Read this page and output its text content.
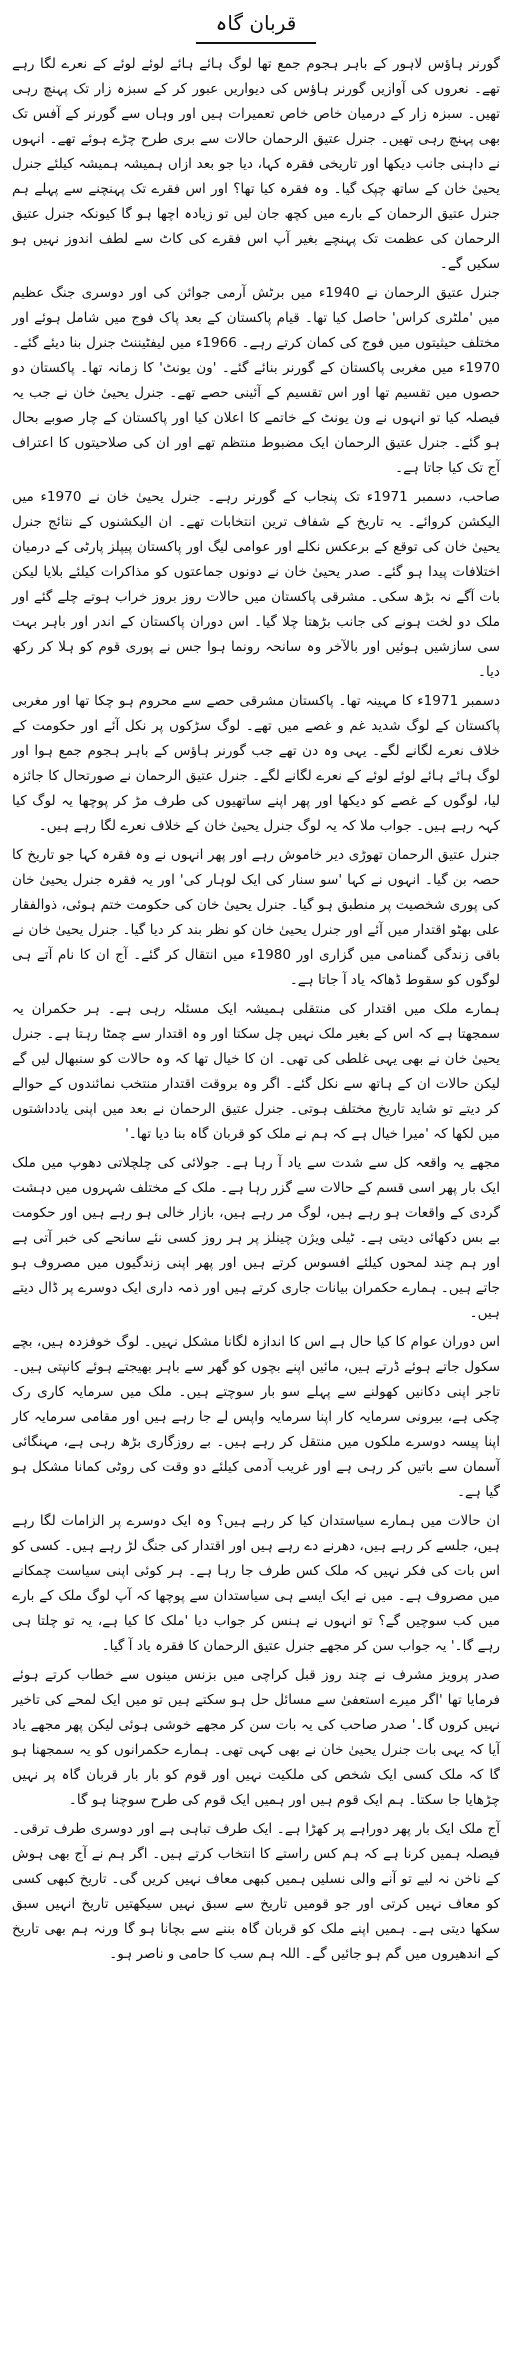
قربان گاہ

گورنر ہاؤس لاہور کے باہر ہجوم جمع تھا لوگ ہائے ہائے لوئے لوئے کے نعرے لگا رہے تھے۔ نعروں کی آوازیں گورنر ہاؤس کی دیواریں عبور کر کے سبزہ زار تک پہنچ رہی تھیں۔ سبزہ زار کے درمیان خاص خاص تعمیرات ہیں اور وہاں سے گورنر کے آفس تک بھی پہنچ رہی تھیں۔ جنرل عتیق الرحمان حالات سے بری طرح چڑے ہوئے تھے۔ انہوں نے داہنی جانب دیکھا اور تاریخی فقرہ کہا، دیا جو بعد ازاں ہمیشہ ہمیشہ کیلئے جنرل یحییٰ خان کے ساتھ چپک گیا۔ وہ فقرہ کیا تھا؟ اور اس فقرے تک پہنچنے سے پہلے ہم جنرل عتیق الرحمان کے بارے میں کچھ جان لیں تو زیادہ اچھا ہو گا کیونکہ جنرل عتیق الرحمان کی عظمت تک پہنچے بغیر آپ اس فقرے کی کاٹ سے لطف اندوز نہیں ہو سکیں گے۔

جنرل عتیق الرحمان نے 1940ء میں برٹش آرمی جوائن کی اور دوسری جنگ عظیم میں 'ملٹری کراس' حاصل کیا تھا۔ قیام پاکستان کے بعد پاک فوج میں شامل ہوئے اور مختلف حیثیتوں میں فوج کی کمان کرتے رہے۔ 1966ء میں لیفٹیننٹ جنرل بنا دیئے گئے۔ 1970ء میں مغربی پاکستان کے گورنر بنائے گئے۔ 'ون یونٹ' کا زمانہ تھا۔ پاکستان دو حصوں میں تقسیم تھا اور اس تقسیم کے آئینی حصے تھے۔ جنرل یحییٰ خان نے جب یہ فیصلہ کیا تو انہوں نے ون یونٹ کے خاتمے کا اعلان کیا اور پاکستان کے چار صوبے بحال ہو گئے۔ جنرل عتیق الرحمان ایک مضبوط منتظم تھے اور ان کی صلاحیتوں کا اعتراف آج تک کیا جاتا ہے۔

صاحب، دسمبر 1971ء تک پنجاب کے گورنر رہے۔ جنرل یحییٰ خان نے 1970ء میں الیکشن کروائے۔ یہ تاریخ کے شفاف ترین انتخابات تھے۔ ان الیکشنوں کے نتائج جنرل یحییٰ خان کی توقع کے برعکس نکلے اور عوامی لیگ اور پاکستان پیپلز پارٹی کے درمیان اختلافات پیدا ہو گئے۔ صدر یحییٰ خان نے دونوں جماعتوں کو مذاکرات کیلئے بلایا لیکن بات آگے نہ بڑھ سکی۔ مشرقی پاکستان میں حالات روز بروز خراب ہوتے چلے گئے اور ملک دو لخت ہونے کی جانب بڑھتا چلا گیا۔ اس دوران پاکستان کے اندر اور باہر بہت سی سازشیں ہوئیں اور بالآخر وہ سانحہ رونما ہوا جس نے پوری قوم کو ہلا کر رکھ دیا۔

دسمبر 1971ء کا مہینہ تھا۔ پاکستان مشرقی حصے سے محروم ہو چکا تھا اور مغربی پاکستان کے لوگ شدید غم و غصے میں تھے۔ لوگ سڑکوں پر نکل آئے اور حکومت کے خلاف نعرے لگانے لگے۔ یہی وہ دن تھے جب گورنر ہاؤس کے باہر ہجوم جمع ہوا اور لوگ ہائے ہائے لوئے لوئے کے نعرے لگانے لگے۔ جنرل عتیق الرحمان نے صورتحال کا جائزہ لیا، لوگوں کے غصے کو دیکھا اور پھر اپنے ساتھیوں کی طرف مڑ کر پوچھا یہ لوگ کیا کہہ رہے ہیں۔ جواب ملا کہ یہ لوگ جنرل یحییٰ خان کے خلاف نعرے لگا رہے ہیں۔

جنرل عتیق الرحمان تھوڑی دیر خاموش رہے اور پھر انہوں نے وہ فقرہ کہا جو تاریخ کا حصہ بن گیا۔ انہوں نے کہا 'سو سنار کی ایک لوہار کی' اور یہ فقرہ جنرل یحییٰ خان کی پوری شخصیت پر منطبق ہو گیا۔ جنرل یحییٰ خان کی حکومت ختم ہوئی، ذوالفقار علی بھٹو اقتدار میں آئے اور جنرل یحییٰ خان کو نظر بند کر دیا گیا۔ جنرل یحییٰ خان نے باقی زندگی گمنامی میں گزاری اور 1980ء میں انتقال کر گئے۔ آج ان کا نام آتے ہی لوگوں کو سقوط ڈھاکہ یاد آ جاتا ہے۔

ہمارے ملک میں اقتدار کی منتقلی ہمیشہ ایک مسئلہ رہی ہے۔ ہر حکمران یہ سمجھتا ہے کہ اس کے بغیر ملک نہیں چل سکتا اور وہ اقتدار سے چمٹا رہتا ہے۔ جنرل یحییٰ خان نے بھی یہی غلطی کی تھی۔ ان کا خیال تھا کہ وہ حالات کو سنبھال لیں گے لیکن حالات ان کے ہاتھ سے نکل گئے۔ اگر وہ بروقت اقتدار منتخب نمائندوں کے حوالے کر دیتے تو شاید تاریخ مختلف ہوتی۔ جنرل عتیق الرحمان نے بعد میں اپنی یادداشتوں میں لکھا کہ 'میرا خیال ہے کہ ہم نے ملک کو قربان گاہ بنا دیا تھا۔'

مجھے یہ واقعہ کل سے شدت سے یاد آ رہا ہے۔ جولائی کی چلچلاتی دھوپ میں ملک ایک بار پھر اسی قسم کے حالات سے گزر رہا ہے۔ ملک کے مختلف شہروں میں دہشت گردی کے واقعات ہو رہے ہیں، لوگ مر رہے ہیں، بازار خالی ہو رہے ہیں اور حکومت بے بس دکھائی دیتی ہے۔ ٹیلی ویژن چینلز پر ہر روز کسی نئے سانحے کی خبر آتی ہے اور ہم چند لمحوں کیلئے افسوس کرتے ہیں اور پھر اپنی زندگیوں میں مصروف ہو جاتے ہیں۔ ہمارے حکمران بیانات جاری کرتے ہیں اور ذمہ داری ایک دوسرے پر ڈال دیتے ہیں۔

اس دوران عوام کا کیا حال ہے اس کا اندازہ لگانا مشکل نہیں۔ لوگ خوفزدہ ہیں، بچے سکول جاتے ہوئے ڈرتے ہیں، مائیں اپنے بچوں کو گھر سے باہر بھیجتے ہوئے کانپتی ہیں۔ تاجر اپنی دکانیں کھولنے سے پہلے سو بار سوچتے ہیں۔ ملک میں سرمایہ کاری رک چکی ہے، بیرونی سرمایہ کار اپنا سرمایہ واپس لے جا رہے ہیں اور مقامی سرمایہ کار اپنا پیسہ دوسرے ملکوں میں منتقل کر رہے ہیں۔ بے روزگاری بڑھ رہی ہے، مہنگائی آسمان سے باتیں کر رہی ہے اور غریب آدمی کیلئے دو وقت کی روٹی کمانا مشکل ہو گیا ہے۔

ان حالات میں ہمارے سیاستدان کیا کر رہے ہیں؟ وہ ایک دوسرے پر الزامات لگا رہے ہیں، جلسے کر رہے ہیں، دھرنے دے رہے ہیں اور اقتدار کی جنگ لڑ رہے ہیں۔ کسی کو اس بات کی فکر نہیں کہ ملک کس طرف جا رہا ہے۔ ہر کوئی اپنی سیاست چمکانے میں مصروف ہے۔ میں نے ایک ایسے ہی سیاستدان سے پوچھا کہ آپ لوگ ملک کے بارے میں کب سوچیں گے؟ تو انہوں نے ہنس کر جواب دیا 'ملک کا کیا ہے، یہ تو چلتا ہی رہے گا۔' یہ جواب سن کر مجھے جنرل عتیق الرحمان کا فقرہ یاد آ گیا۔

صدر پرویز مشرف نے چند روز قبل کراچی میں بزنس مینوں سے خطاب کرتے ہوئے فرمایا تھا 'اگر میرے استعفیٰ سے مسائل حل ہو سکتے ہیں تو میں ایک لمحے کی تاخیر نہیں کروں گا۔' صدر صاحب کی یہ بات سن کر مجھے خوشی ہوئی لیکن پھر مجھے یاد آیا کہ یہی بات جنرل یحییٰ خان نے بھی کہی تھی۔ ہمارے حکمرانوں کو یہ سمجھنا ہو گا کہ ملک کسی ایک شخص کی ملکیت نہیں اور قوم کو بار بار قربان گاہ پر نہیں چڑھایا جا سکتا۔ ہم ایک قوم ہیں اور ہمیں ایک قوم کی طرح سوچنا ہو گا۔

آج ملک ایک بار پھر دوراہے پر کھڑا ہے۔ ایک طرف تباہی ہے اور دوسری طرف ترقی۔ فیصلہ ہمیں کرنا ہے کہ ہم کس راستے کا انتخاب کرتے ہیں۔ اگر ہم نے آج بھی ہوش کے ناخن نہ لیے تو آنے والی نسلیں ہمیں کبھی معاف نہیں کریں گی۔ تاریخ کبھی کسی کو معاف نہیں کرتی اور جو قومیں تاریخ سے سبق نہیں سیکھتیں تاریخ انہیں سبق سکھا دیتی ہے۔ ہمیں اپنے ملک کو قربان گاہ بننے سے بچانا ہو گا ورنہ ہم بھی تاریخ کے اندھیروں میں گم ہو جائیں گے۔ اللہ ہم سب کا حامی و ناصر ہو۔
